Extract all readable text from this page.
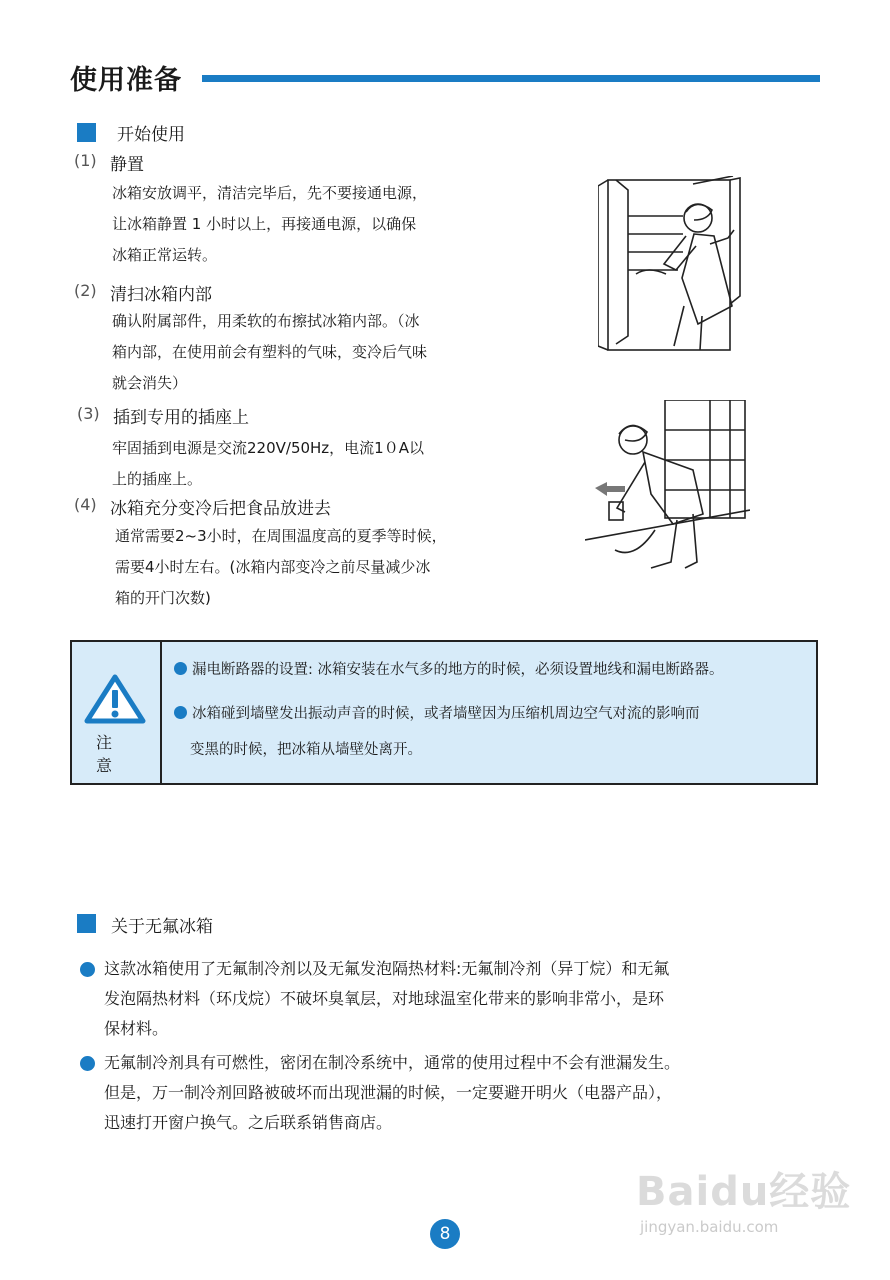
使用准备
开始使用
(1) 静置
冰箱安放调平，清洁完毕后，先不要接通电源，
让冰箱静置 1 小时以上，再接通电源，以确保
冰箱正常运转。
(2) 清扫冰箱内部
确认附属部件，用柔软的布擦拭冰箱内部。（冰
箱内部，在使用前会有塑料的气味，变冷后气味
就会消失）
(3) 插到专用的插座上
牢固插到电源是交流220V/50Hz，电流1０A以
上的插座上。
(4) 冰箱充分变冷后把食品放进去
通常需要2~3小时，在周围温度高的夏季等时候，
需要4小时左右。(冰箱内部变冷之前尽量减少冰
箱的开门次数)
注意
漏电断路器的设置: 冰箱安装在水气多的地方的时候，必须设置地线和漏电断路器。
冰箱碰到墙壁发出振动声音的时候，或者墙壁因为压缩机周边空气对流的影响而
变黑的时候，把冰箱从墙壁处离开。
关于无氟冰箱
这款冰箱使用了无氟制冷剂以及无氟发泡隔热材料:无氟制冷剂（异丁烷）和无氟
发泡隔热材料（环戊烷）不破坏臭氧层，对地球温室化带来的影响非常小，是环
保材料。
无氟制冷剂具有可燃性，密闭在制冷系统中，通常的使用过程中不会有泄漏发生。
但是，万一制冷剂回路被破坏而出现泄漏的时候，一定要避开明火（电器产品），
迅速打开窗户换气。之后联系销售商店。
Baidu经验
jingyan.baidu.com
8
